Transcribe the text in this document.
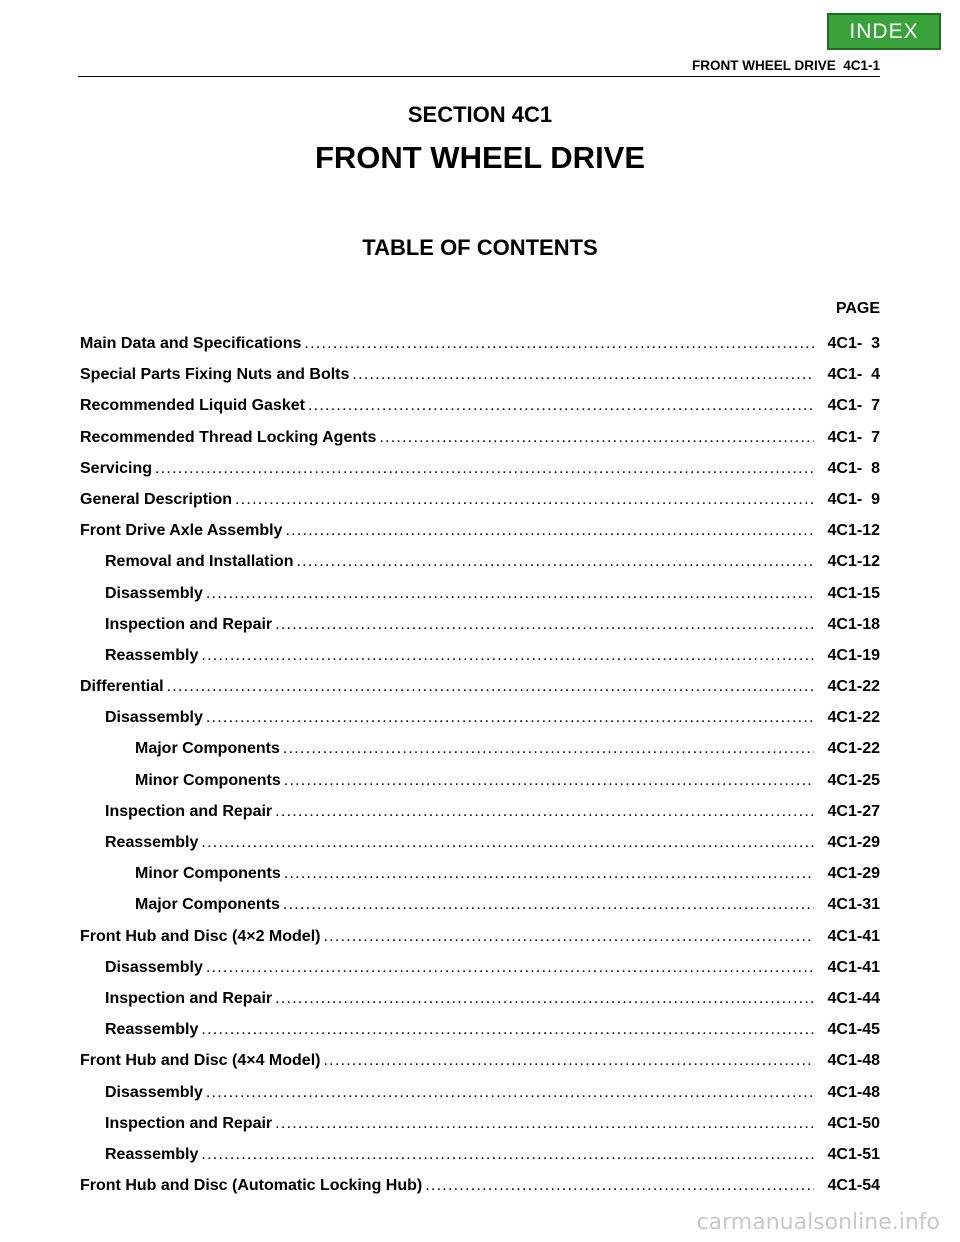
INDEX
FRONT WHEEL DRIVE  4C1-1
SECTION 4C1
FRONT WHEEL DRIVE
TABLE OF CONTENTS
PAGE
Main Data and Specifications . . .	4C1-  3
Special Parts Fixing Nuts and Bolts . . .	4C1-  4
Recommended Liquid Gasket . . .	4C1-  7
Recommended Thread Locking Agents . . .	4C1-  7
Servicing . . .	4C1-  8
General Description . . .	4C1-  9
Front Drive Axle Assembly . . .	4C1-12
Removal and Installation . . .	4C1-12
Disassembly . . .	4C1-15
Inspection and Repair . . .	4C1-18
Reassembly . . .	4C1-19
Differential . . .	4C1-22
Disassembly . . .	4C1-22
Major Components . . .	4C1-22
Minor Components . . .	4C1-25
Inspection and Repair . . .	4C1-27
Reassembly . . .	4C1-29
Minor Components . . .	4C1-29
Major Components . . .	4C1-31
Front Hub and Disc (4×2 Model) . . .	4C1-41
Disassembly . . .	4C1-41
Inspection and Repair . . .	4C1-44
Reassembly . . .	4C1-45
Front Hub and Disc (4×4 Model) . . .	4C1-48
Disassembly . . .	4C1-48
Inspection and Repair . . .	4C1-50
Reassembly . . .	4C1-51
Front Hub and Disc (Automatic Locking Hub) . . .	4C1-54
carmanualsonline.info
